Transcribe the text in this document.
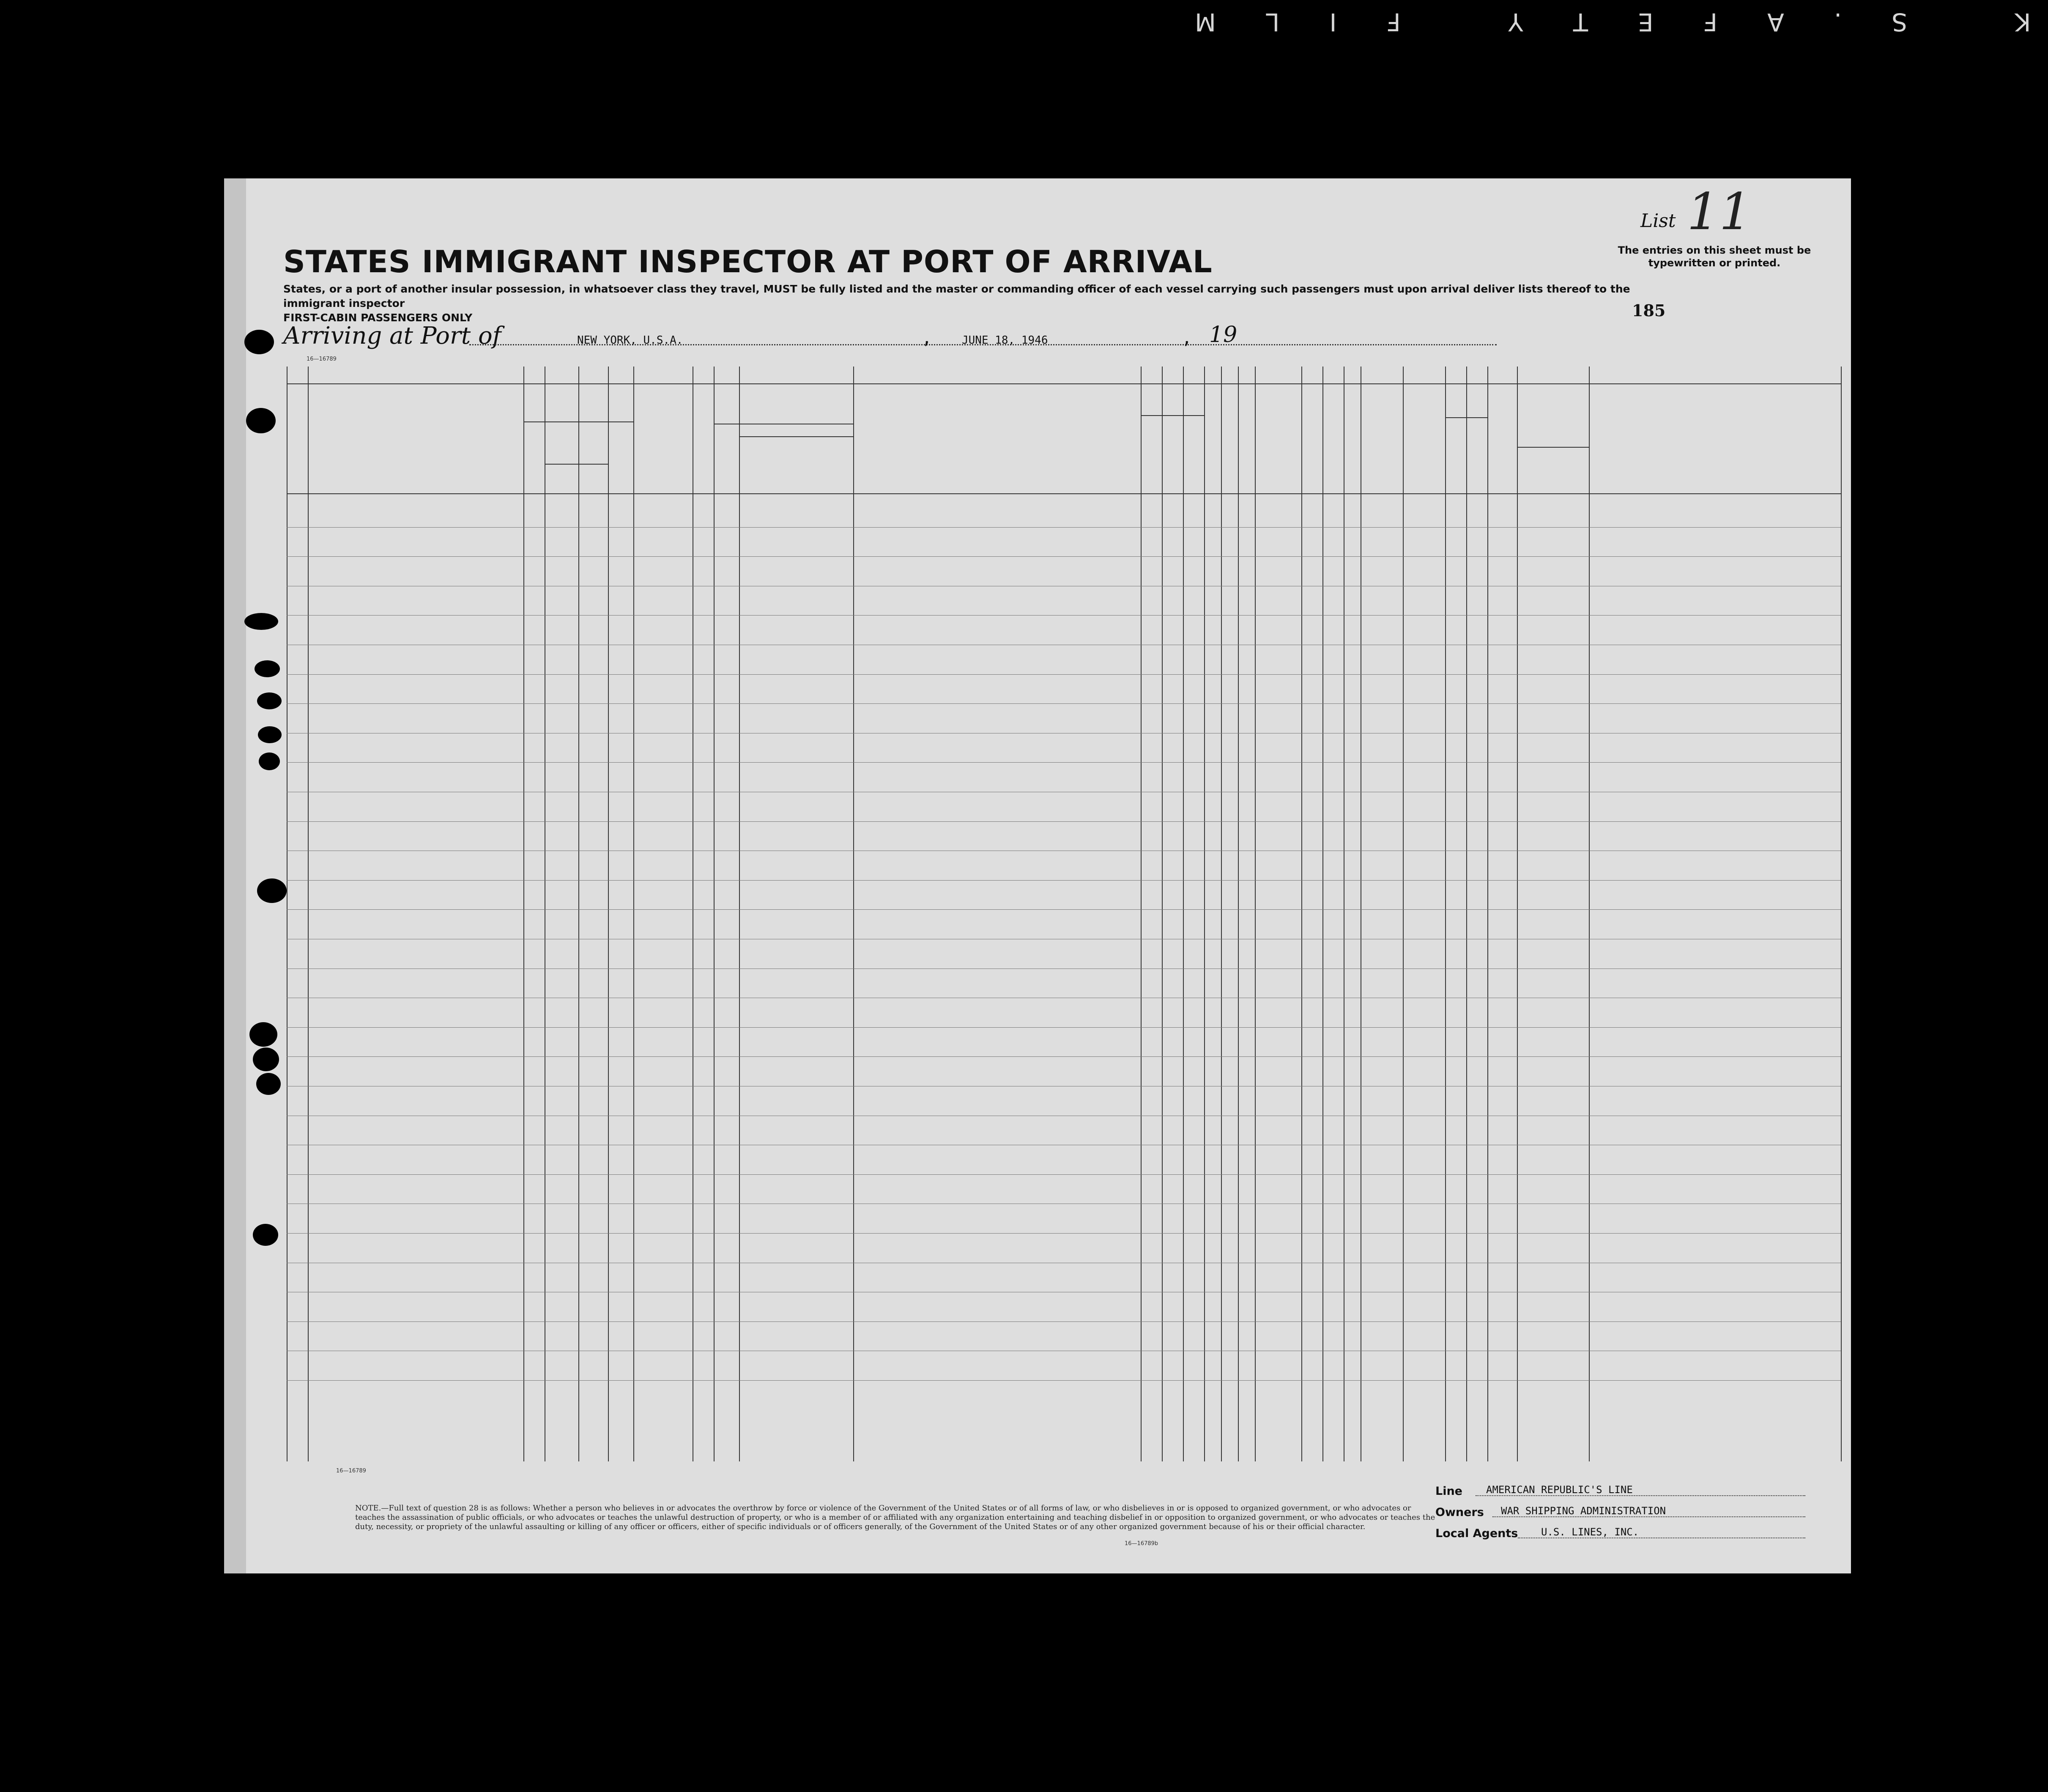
K S.AFETY FILM
List 11
The entries on this sheet must be typewritten or printed.
STATES IMMIGRANT INSPECTOR AT PORT OF ARRIVAL
States, or a port of another insular possession, in whatsoever class they travel, MUST be fully listed and the master or commanding officer of each vessel carrying such passengers must upon arrival deliver lists thereof to the immigrant inspector
FIRST-CABIN PASSENGERS ONLY	185
Arriving at Port of	NEW YORK, U.S.A.	,	JUNE 18, 1946	, 19
16—16789
16—16789
NOTE.—Full text of question 28 is as follows: Whether a person who believes in or advocates the overthrow by force or violence of the Government of the United States or of all forms of law, or who disbelieves in or is opposed to organized government, or who advocates or teaches the assassination of public officials, or who advocates or teaches the unlawful destruction of property, or who is a member of or affiliated with any organization entertaining and teaching disbelief in or opposition to organized government, or who advocates or teaches the duty, necessity, or propriety of the unlawful assaulting or killing of any officer or officers, either of specific individuals or of officers generally, of the Government of the United States or of any other organized government because of his or their official character.
16—16789b
Line AMERICAN REPUBLIC'S LINE
Owners WAR SHIPPING ADMINISTRATION
Local Agents U.S. LINES, INC.
